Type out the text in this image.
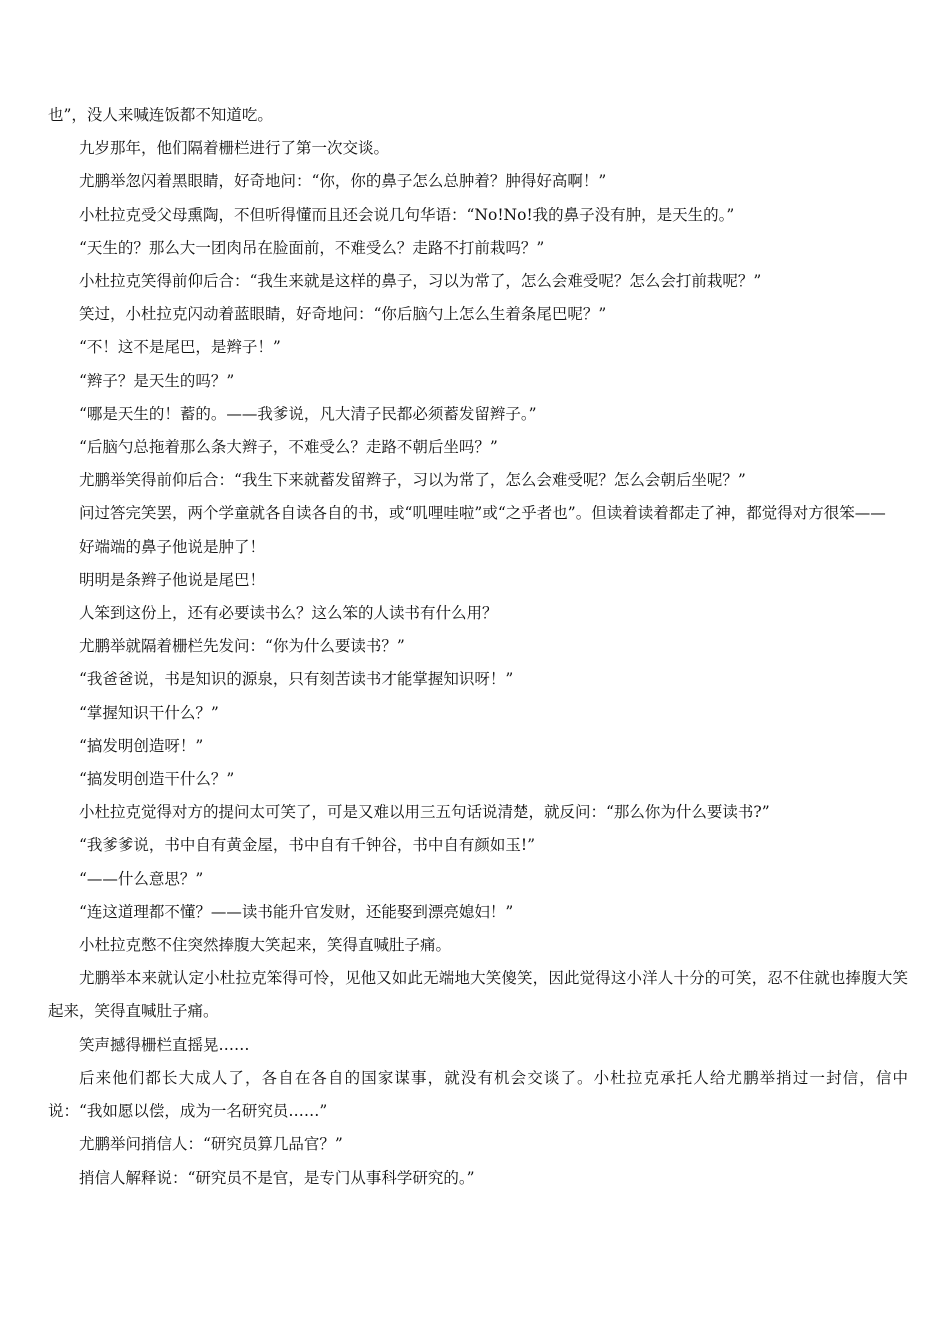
也”，没人来喊连饭都不知道吃。

九岁那年，他们隔着栅栏进行了第一次交谈。

尤鹏举忽闪着黑眼睛，好奇地问：“你，你的鼻子怎么总肿着？肿得好高啊！”

小杜拉克受父母熏陶，不但听得懂而且还会说几句华语：“No!No!我的鼻子没有肿，是天生的。”

“天生的？那么大一团肉吊在脸面前，不难受么？走路不打前栽吗？”

小杜拉克笑得前仰后合：“我生来就是这样的鼻子，习以为常了，怎么会难受呢？怎么会打前栽呢？”

笑过，小杜拉克闪动着蓝眼睛，好奇地问：“你后脑勺上怎么生着条尾巴呢？”

“不！这不是尾巴，是辫子！”

“辫子？是天生的吗？”

“哪是天生的！蓄的。——我爹说，凡大清子民都必须蓄发留辫子。”

“后脑勺总拖着那么条大辫子，不难受么？走路不朝后坐吗？”

尤鹏举笑得前仰后合：“我生下来就蓄发留辫子，习以为常了，怎么会难受呢？怎么会朝后坐呢？”

问过答完笑罢，两个学童就各自读各自的书，或“叽哩哇啦”或“之乎者也”。但读着读着都走了神，都觉得对方很笨——

好端端的鼻子他说是肿了！

明明是条辫子他说是尾巴！

人笨到这份上，还有必要读书么？这么笨的人读书有什么用？

尤鹏举就隔着栅栏先发问：“你为什么要读书？”

“我爸爸说，书是知识的源泉，只有刻苦读书才能掌握知识呀！”

“掌握知识干什么？”

“搞发明创造呀！”

“搞发明创造干什么？”

小杜拉克觉得对方的提问太可笑了，可是又难以用三五句话说清楚，就反问：“那么你为什么要读书?”

“我爹爹说，书中自有黄金屋，书中自有千钟谷，书中自有颜如玉!”

“——什么意思？”

“连这道理都不懂？——读书能升官发财，还能娶到漂亮媳妇！”

小杜拉克憋不住突然捧腹大笑起来，笑得直喊肚子痛。

尤鹏举本来就认定小杜拉克笨得可怜，见他又如此无端地大笑傻笑，因此觉得这小洋人十分的可笑，忍不住就也捧腹大笑起来，笑得直喊肚子痛。

笑声撼得栅栏直摇晃……

后来他们都长大成人了，各自在各自的国家谋事，就没有机会交谈了。小杜拉克承托人给尤鹏举捎过一封信，信中说：“我如愿以偿，成为一名研究员……”

尤鹏举问捎信人：“研究员算几品官？”

捎信人解释说：“研究员不是官，是专门从事科学研究的。”
